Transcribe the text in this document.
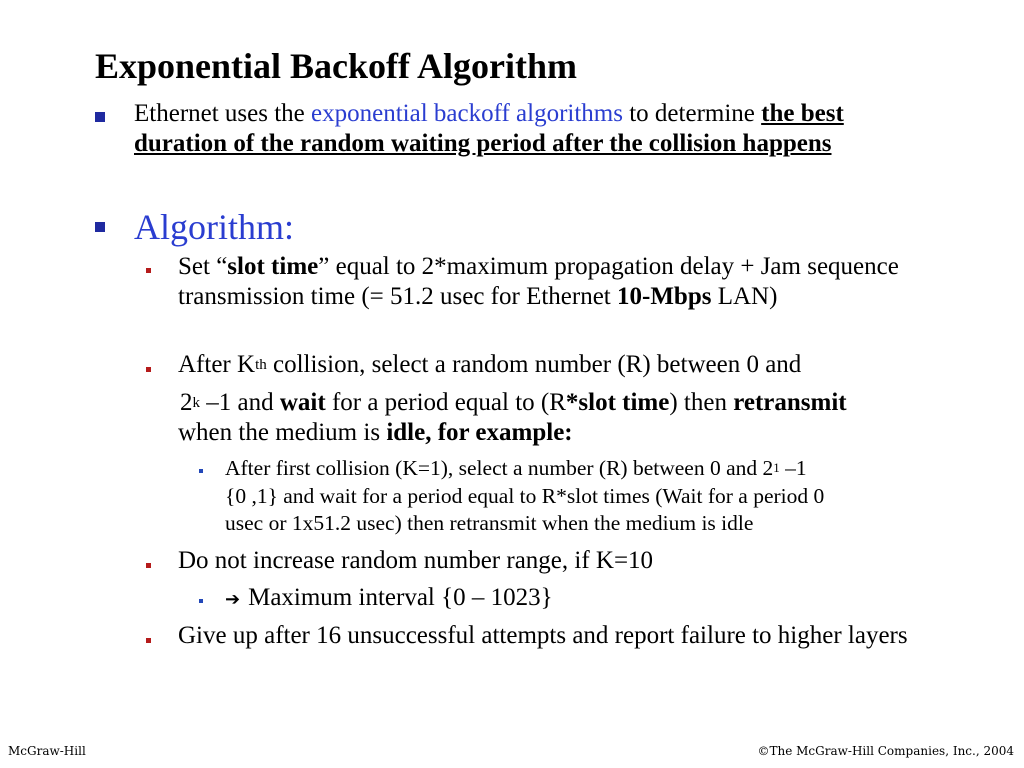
Exponential Backoff Algorithm
Ethernet uses the exponential backoff algorithms to determine the best duration of the random waiting period after the collision happens
Algorithm:
Set “slot time” equal to 2*maximum propagation delay + Jam sequence transmission time (= 51.2 usec for Ethernet 10-Mbps LAN)
After $K^{th}$ collision, select a random number (R) between 0 and
2$^k$ –1 and wait for a period equal to (R*slot time) then retransmit
when the medium is idle, for example:
After first collision (K=1), select a number (R) between 0 and $2^1$ –1
{0 ,1} and wait for a period equal to R*slot times (Wait for a period 0
usec or 1x51.2 usec) then retransmit when the medium is idle
Do not increase random number range, if K=10
➔ Maximum interval {0 – 1023}
Give up after 16 unsuccessful attempts and report failure to higher layers
McGraw-Hill	©The McGraw-Hill Companies, Inc., 2004
